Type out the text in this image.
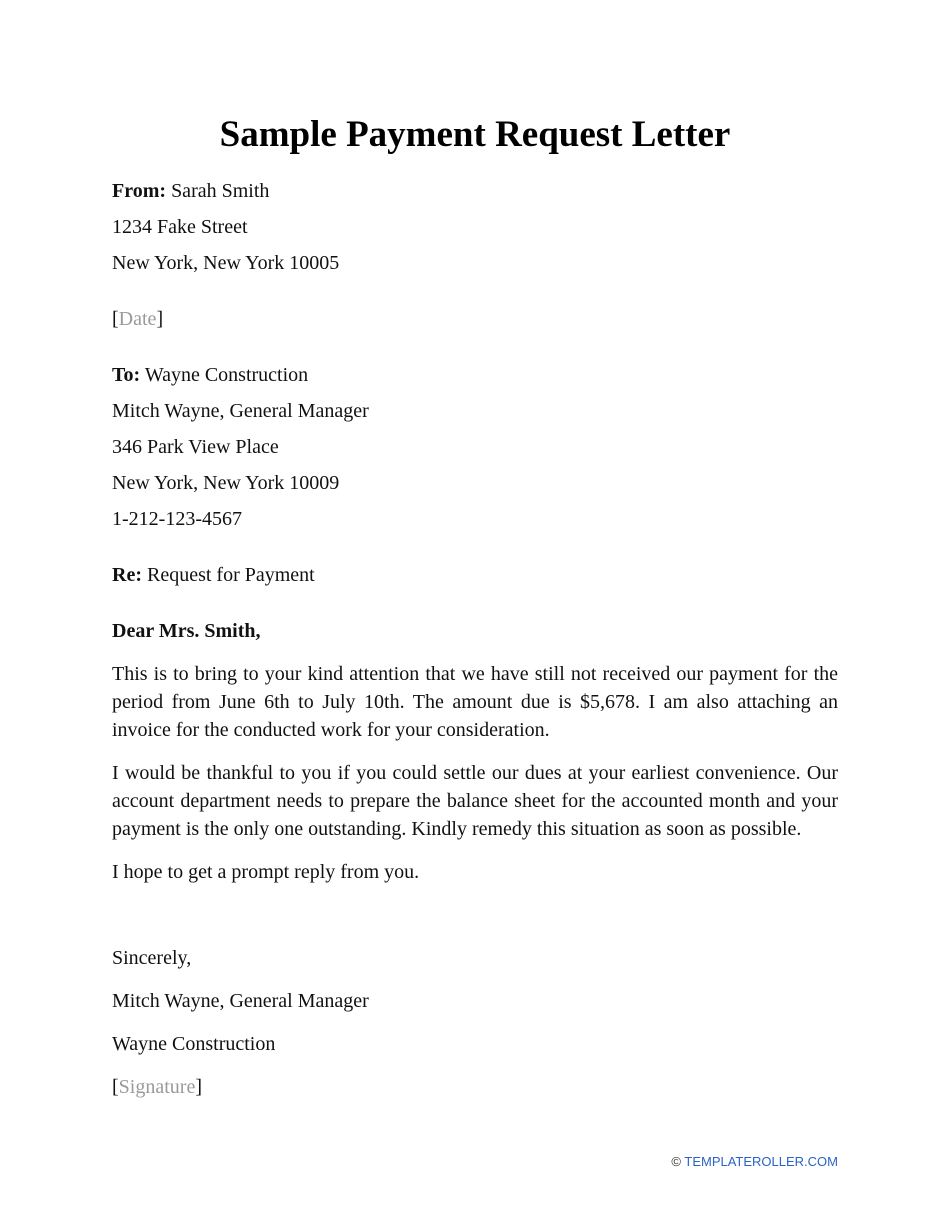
Sample Payment Request Letter

From: Sarah Smith

1234 Fake Street

New York, New York 10005

[Date]

To: Wayne Construction

Mitch Wayne, General Manager

346 Park View Place

New York, New York 10009

1-212-123-4567

Re: Request for Payment

Dear Mrs. Smith,

This is to bring to your kind attention that we have still not received our payment for the period from June 6th to July 10th. The amount due is $5,678. I am also attaching an invoice for the conducted work for your consideration.

I would be thankful to you if you could settle our dues at your earliest convenience. Our account department needs to prepare the balance sheet for the accounted month and your payment is the only one outstanding. Kindly remedy this situation as soon as possible.

I hope to get a prompt reply from you.

Sincerely,

Mitch Wayne, General Manager

Wayne Construction

[Signature]

© TEMPLATEROLLER.COM
